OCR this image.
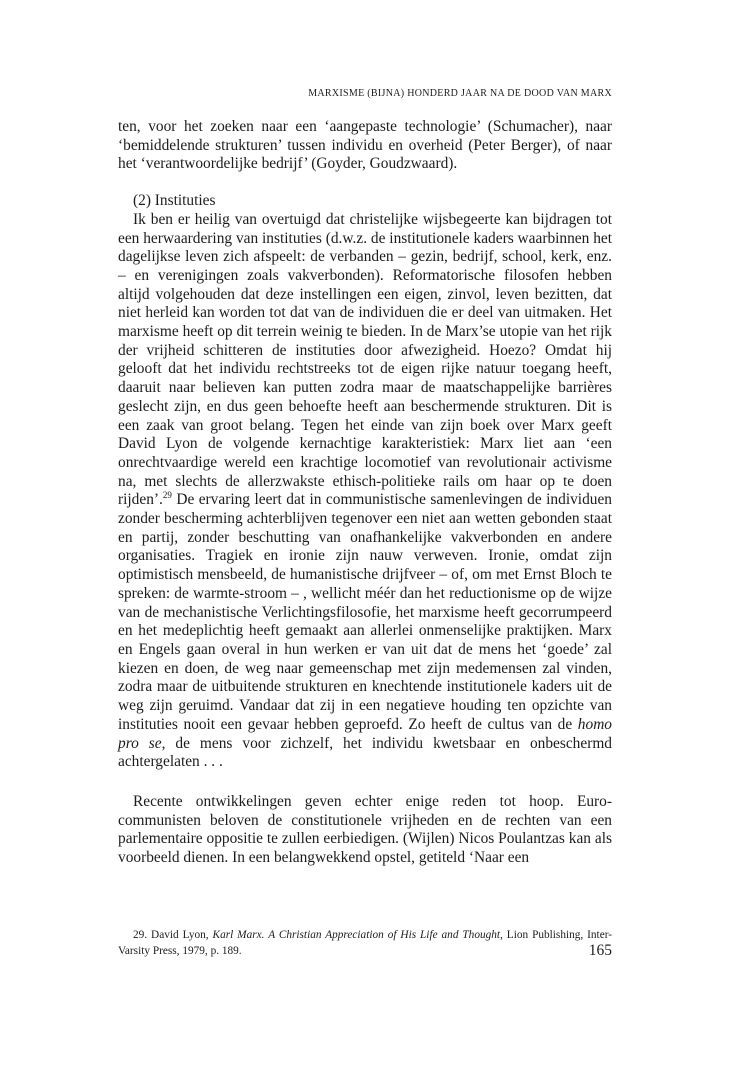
MARXISME (BIJNA) HONDERD JAAR NA DE DOOD VAN MARX

ten, voor het zoeken naar een ‘aangepaste technologie’ (Schumacher), naar ‘bemiddelende strukturen’ tussen individu en overheid (Peter Berger), of naar het ‘verantwoordelijke bedrijf’ (Goyder, Goudzwaard).

(2) Instituties

Ik ben er heilig van overtuigd dat christelijke wijsbegeerte kan bijdragen tot een herwaardering van instituties (d.w.z. de institutionele kaders waarbinnen het dagelijkse leven zich afspeelt: de verbanden – gezin, bedrijf, school, kerk, enz. – en verenigingen zoals vakverbonden). Reformatorische filosofen hebben altijd volgehouden dat deze instellingen een eigen, zinvol, leven bezitten, dat niet herleid kan worden tot dat van de individuen die er deel van uitmaken. Het marxisme heeft op dit terrein weinig te bieden. In de Marx’se utopie van het rijk der vrijheid schitteren de instituties door afwezigheid. Hoezo? Omdat hij gelooft dat het individu rechtstreeks tot de eigen rijke natuur toegang heeft, daaruit naar believen kan putten zodra maar de maatschappelijke barrières geslecht zijn, en dus geen behoefte heeft aan beschermende strukturen. Dit is een zaak van groot belang. Tegen het einde van zijn boek over Marx geeft David Lyon de volgende kernachtige karakteristiek: Marx liet aan ‘een onrechtvaardige wereld een krachtige locomotief van revolutionair activisme na, met slechts de allerzwakste ethisch-politieke rails om haar op te doen rijden’.$^{29}$ De ervaring leert dat in communistische samenlevingen de individuen zonder bescherming achterblijven tegenover een niet aan wetten gebonden staat en partij, zonder beschutting van onafhankelijke vakverbonden en andere organisaties. Tragiek en ironie zijn nauw verweven. Ironie, omdat zijn optimistisch mensbeeld, de humanistische drijfveer – of, om met Ernst Bloch te spreken: de warmte-stroom – , wellicht méér dan het reductionisme op de wijze van de mechanistische Verlichtingsfilosofie, het marxisme heeft gecorrumpeerd en het medeplichtig heeft gemaakt aan allerlei onmenselijke praktijken. Marx en Engels gaan overal in hun werken er van uit dat de mens het ‘goede’ zal kiezen en doen, de weg naar gemeenschap met zijn medemensen zal vinden, zodra maar de uitbuitende strukturen en knechtende institutionele kaders uit de weg zijn geruimd. Vandaar dat zij in een negatieve houding ten opzichte van instituties nooit een gevaar hebben geproefd. Zo heeft de cultus van de homo pro se, de mens voor zichzelf, het individu kwetsbaar en onbeschermd achtergelaten . . .

Recente ontwikkelingen geven echter enige reden tot hoop. Euro-communisten beloven de constitutionele vrijheden en de rechten van een parlementaire oppositie te zullen eerbiedigen. (Wijlen) Nicos Poulantzas kan als voorbeeld dienen. In een belangwekkend opstel, getiteld ‘Naar een

29. David Lyon, Karl Marx. A Christian Appreciation of His Life and Thought, Lion Publishing, Inter-Varsity Press, 1979, p. 189.	165
